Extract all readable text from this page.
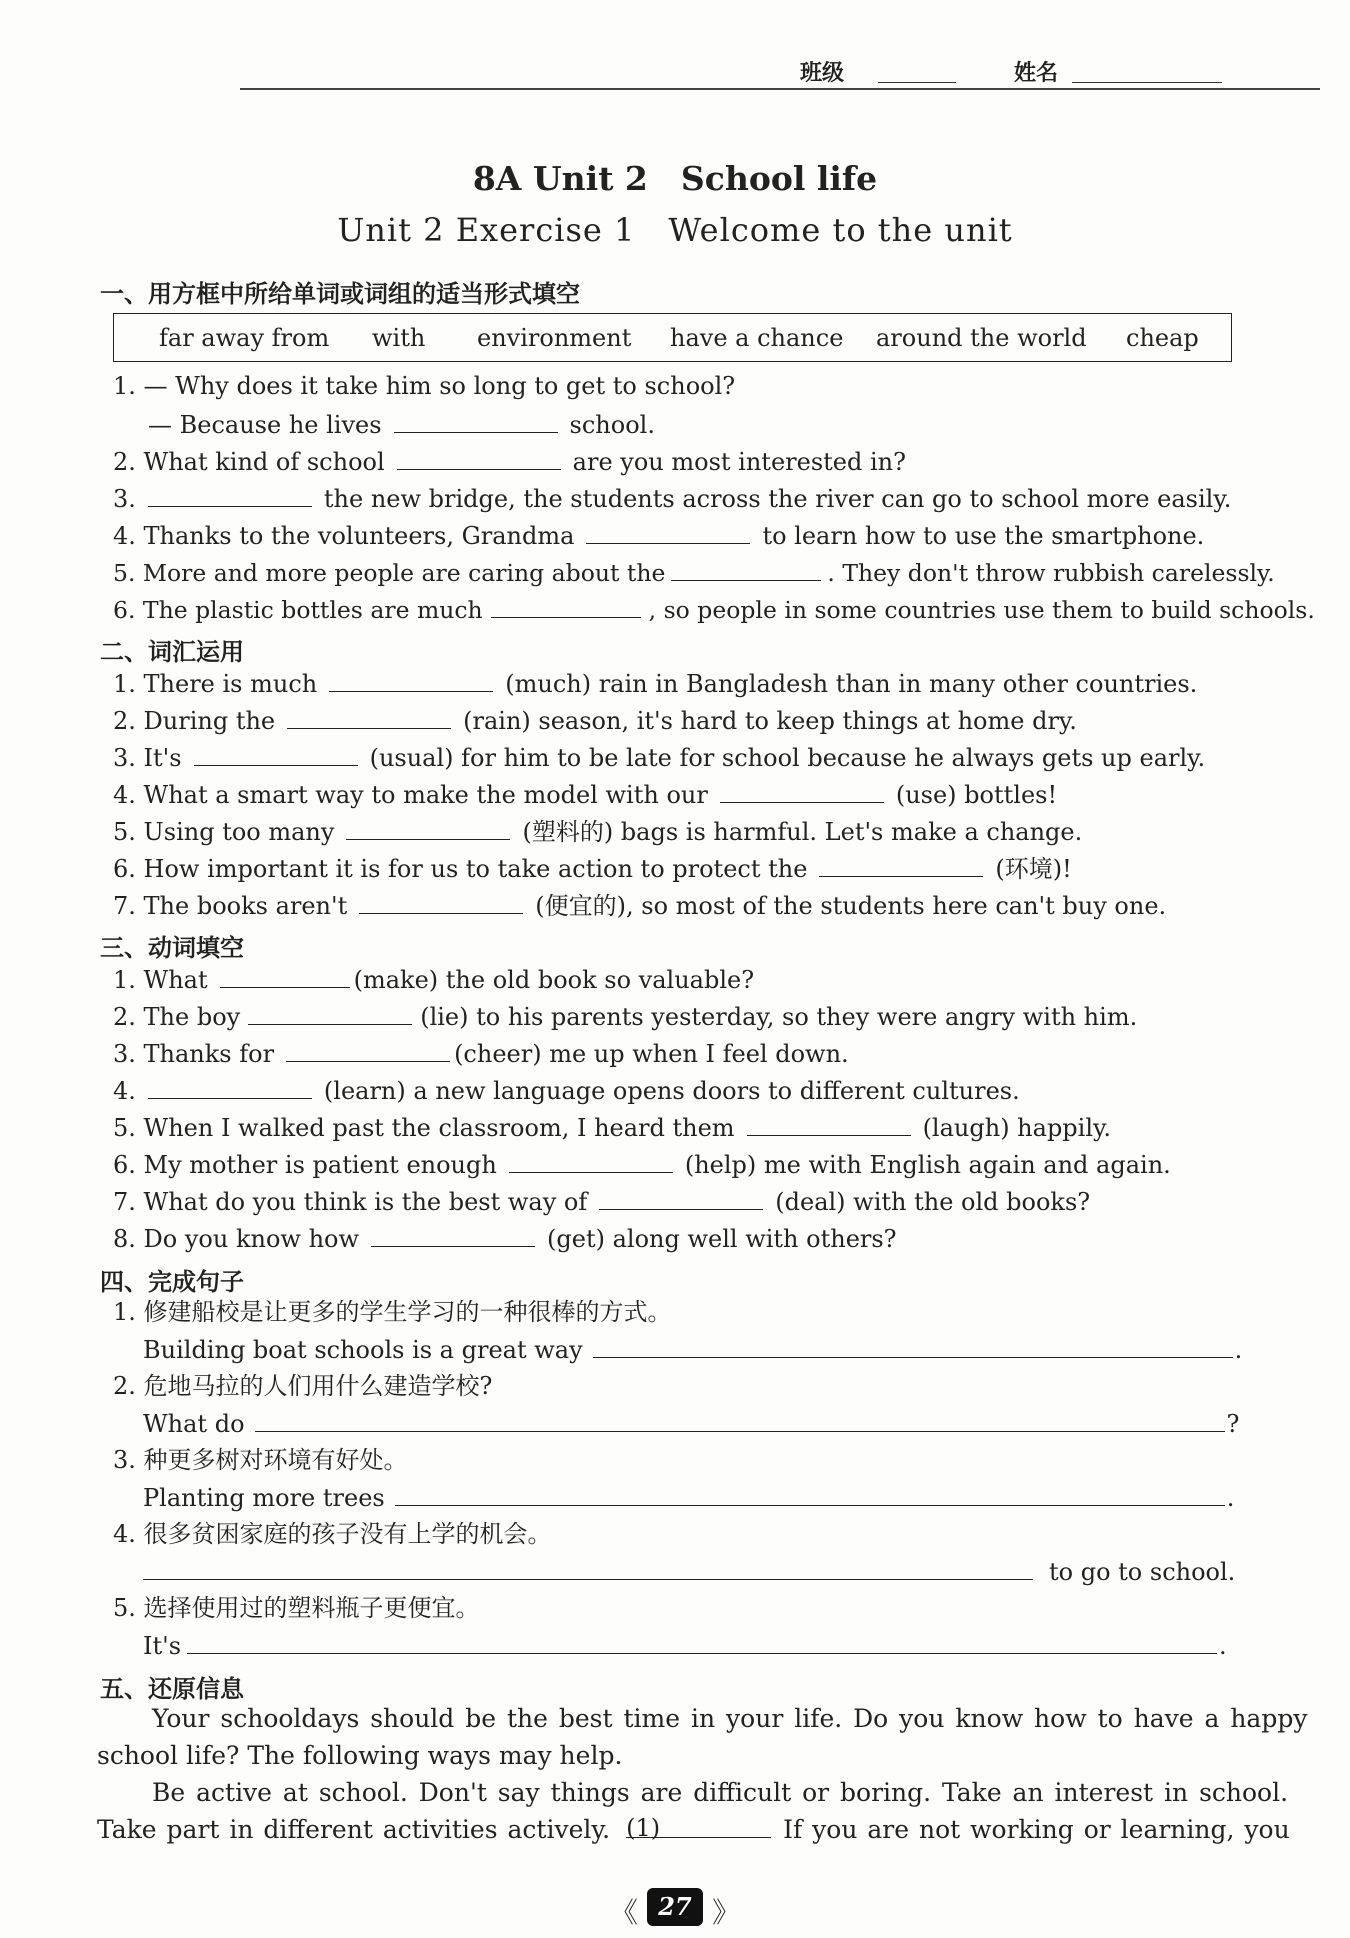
班级	姓名
8A Unit 2　School life
Unit 2 Exercise 1　Welcome to the unit
一、用方框中所给单词或词组的适当形式填空
far away from with environment have a chance around the world cheap
1. — Why does it take him so long to get to school?
— Because he lives	school.
2. What kind of school	are you most interested in?
3.	the new bridge, the students across the river can go to school more easily.
4. Thanks to the volunteers, Grandma	to learn how to use the smartphone.
5. More and more people are caring about the	. They don't throw rubbish carelessly.
6. The plastic bottles are much	, so people in some countries use them to build schools.
二、词汇运用
1. There is much	(much) rain in Bangladesh than in many other countries.
2. During the	(rain) season, it's hard to keep things at home dry.
3. It's	(usual) for him to be late for school because he always gets up early.
4. What a smart way to make the model with our	(use) bottles!
5. Using too many	(塑料的) bags is harmful. Let's make a change.
6. How important it is for us to take action to protect the	(环境)!
7. The books aren't	(便宜的), so most of the students here can't buy one.
三、动词填空
1. What	(make) the old book so valuable?
2. The boy	(lie) to his parents yesterday, so they were angry with him.
3. Thanks for	(cheer) me up when I feel down.
4.	(learn) a new language opens doors to different cultures.
5. When I walked past the classroom, I heard them	(laugh) happily.
6. My mother is patient enough	(help) me with English again and again.
7. What do you think is the best way of	(deal) with the old books?
8. Do you know how	(get) along well with others?
四、完成句子
1. 修建船校是让更多的学生学习的一种很棒的方式。
Building boat schools is a great way	.
2. 危地马拉的人们用什么建造学校?
What do	?
3. 种更多树对环境有好处。
Planting more trees	.
4. 很多贫困家庭的孩子没有上学的机会。
to go to school.
5. 选择使用过的塑料瓶子更便宜。
It's	.
五、还原信息
Your schooldays should be the best time in your life. Do you know how to have a happy
school life? The following ways may help.
Be active at school. Don't say things are difficult or boring. Take an interest in school.
Take part in different activities actively. (1)	If you are not working or learning, you
《 27 》
